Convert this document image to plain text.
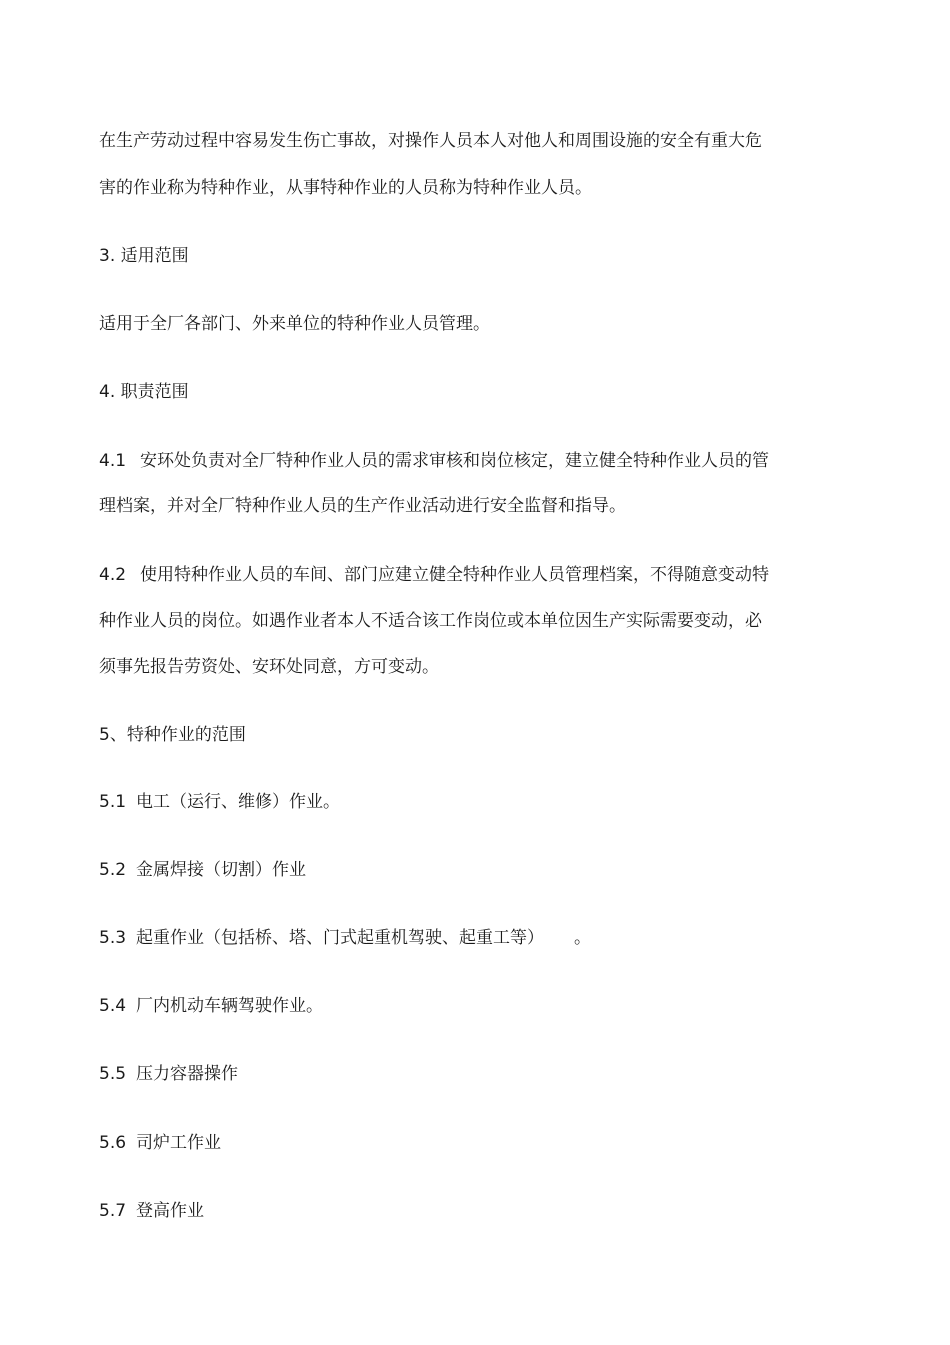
在生产劳动过程中容易发生伤亡事故，对操作人员本人对他人和周围设施的安全有重大危

害的作业称为特种作业，从事特种作业的人员称为特种作业人员。

3. 适用范围

适用于全厂各部门、外来单位的特种作业人员管理。

4. 职责范围

4.1 安环处负责对全厂特种作业人员的需求审核和岗位核定，建立健全特种作业人员的管

理档案，并对全厂特种作业人员的生产作业活动进行安全监督和指导。

4.2 使用特种作业人员的车间、部门应建立健全特种作业人员管理档案，不得随意变动特

种作业人员的岗位。如遇作业者本人不适合该工作岗位或本单位因生产实际需要变动，必

须事先报告劳资处、安环处同意，方可变动。

5、特种作业的范围

5.1 电工（运行、维修）作业。

5.2 金属焊接（切割）作业

5.3 起重作业（包括桥、塔、门式起重机驾驶、起重工等） 。

5.4 厂内机动车辆驾驶作业。

5.5 压力容器操作

5.6 司炉工作业

5.7 登高作业
